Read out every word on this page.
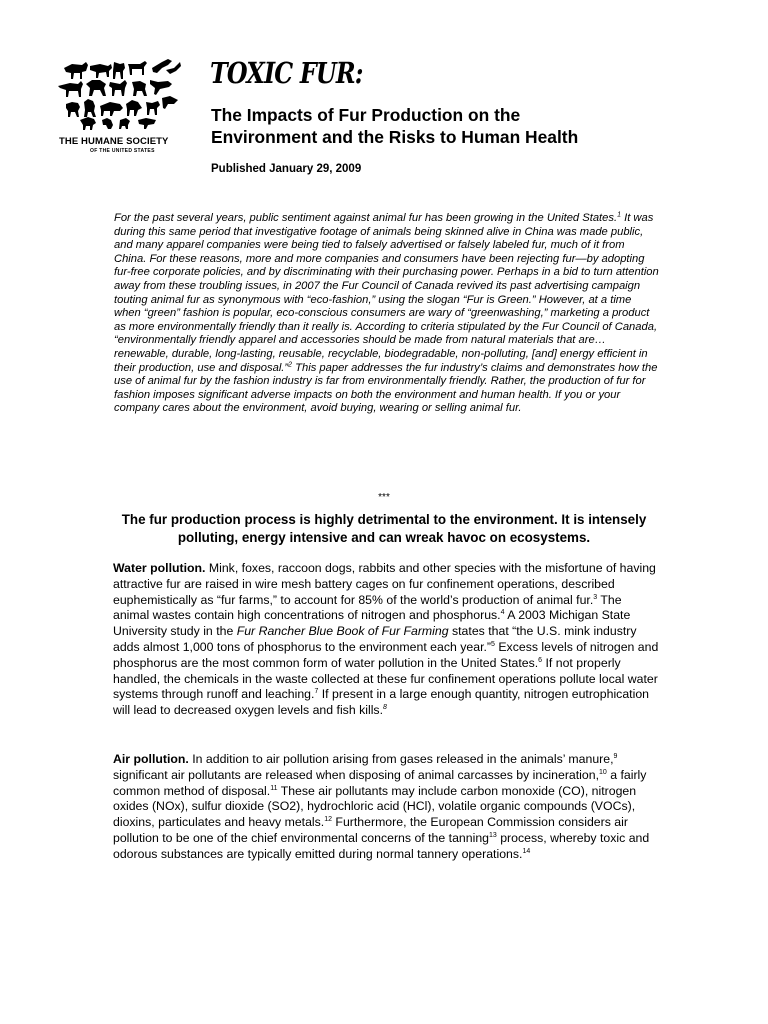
THE HUMANE SOCIETY
OF THE UNITED STATES
TOXIC FUR:
The Impacts of Fur Production on the
Environment and the Risks to Human Health
Published January 29, 2009

For the past several years, public sentiment against animal fur has been growing in the United States.$^1$ It was during this same period that investigative footage of animals being skinned alive in China was made public, and many apparel companies were being tied to falsely advertised or falsely labeled fur, much of it from China. For these reasons, more and more companies and consumers have been rejecting fur—by adopting fur-free corporate policies, and by discriminating with their purchasing power. Perhaps in a bid to turn attention away from these troubling issues, in 2007 the Fur Council of Canada revived its past advertising campaign touting animal fur as synonymous with “eco-fashion,” using the slogan “Fur is Green.” However, at a time when “green” fashion is popular, eco-conscious consumers are wary of “greenwashing,” marketing a product as more environmentally friendly than it really is. According to criteria stipulated by the Fur Council of Canada, “environmentally friendly apparel and accessories should be made from natural materials that are…renewable, durable, long-lasting, reusable, recyclable, biodegradable, non-polluting, [and] energy efficient in their production, use and disposal.”$^2$ This paper addresses the fur industry’s claims and demonstrates how the use of animal fur by the fashion industry is far from environmentally friendly. Rather, the production of fur for fashion imposes significant adverse impacts on both the environment and human health. If you or your company cares about the environment, avoid buying, wearing or selling animal fur.

***
The fur production process is highly detrimental to the environment. It is intensely polluting, energy intensive and can wreak havoc on ecosystems.

Water pollution. Mink, foxes, raccoon dogs, rabbits and other species with the misfortune of having attractive fur are raised in wire mesh battery cages on fur confinement operations, described euphemistically as “fur farms,” to account for 85% of the world’s production of animal fur.$^3$ The animal wastes contain high concentrations of nitrogen and phosphorus.$^4$ A 2003 Michigan State University study in the Fur Rancher Blue Book of Fur Farming states that “the U.S. mink industry adds almost 1,000 tons of phosphorus to the environment each year.”$^5$ Excess levels of nitrogen and phosphorus are the most common form of water pollution in the United States.$^6$ If not properly handled, the chemicals in the waste collected at these fur confinement operations pollute local water systems through runoff and leaching.$^7$ If present in a large enough quantity, nitrogen eutrophication will lead to decreased oxygen levels and fish kills.$^8$

Air pollution. In addition to air pollution arising from gases released in the animals’ manure,$^9$ significant air pollutants are released when disposing of animal carcasses by incineration,$^{10}$ a fairly common method of disposal.$^{11}$ These air pollutants may include carbon monoxide (CO), nitrogen oxides (NOx), sulfur dioxide (SO2), hydrochloric acid (HCl), volatile organic compounds (VOCs), dioxins, particulates and heavy metals.$^{12}$ Furthermore, the European Commission considers air pollution to be one of the chief environmental concerns of the tanning$^{13}$ process, whereby toxic and odorous substances are typically emitted during normal tannery operations.$^{14}$
